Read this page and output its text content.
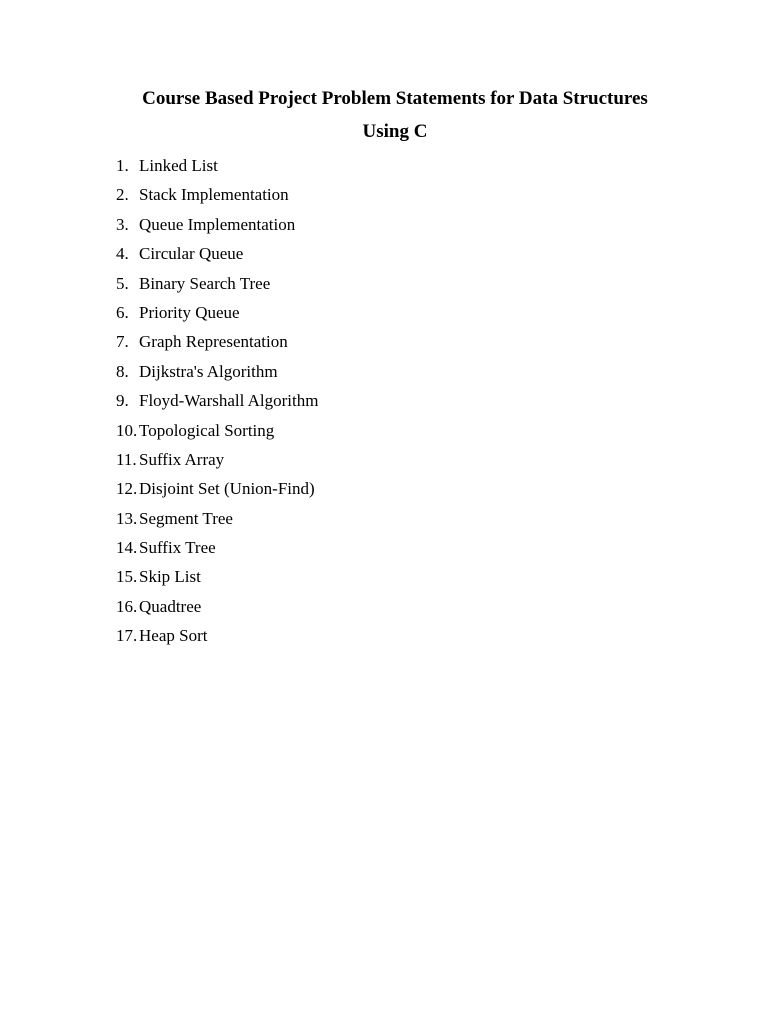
Course Based Project Problem Statements for Data Structures
Using C
1. Linked List
2. Stack Implementation
3. Queue Implementation
4. Circular Queue
5. Binary Search Tree
6. Priority Queue
7. Graph Representation
8. Dijkstra's Algorithm
9. Floyd-Warshall Algorithm
10. Topological Sorting
11. Suffix Array
12. Disjoint Set (Union-Find)
13. Segment Tree
14. Suffix Tree
15. Skip List
16. Quadtree
17. Heap Sort
